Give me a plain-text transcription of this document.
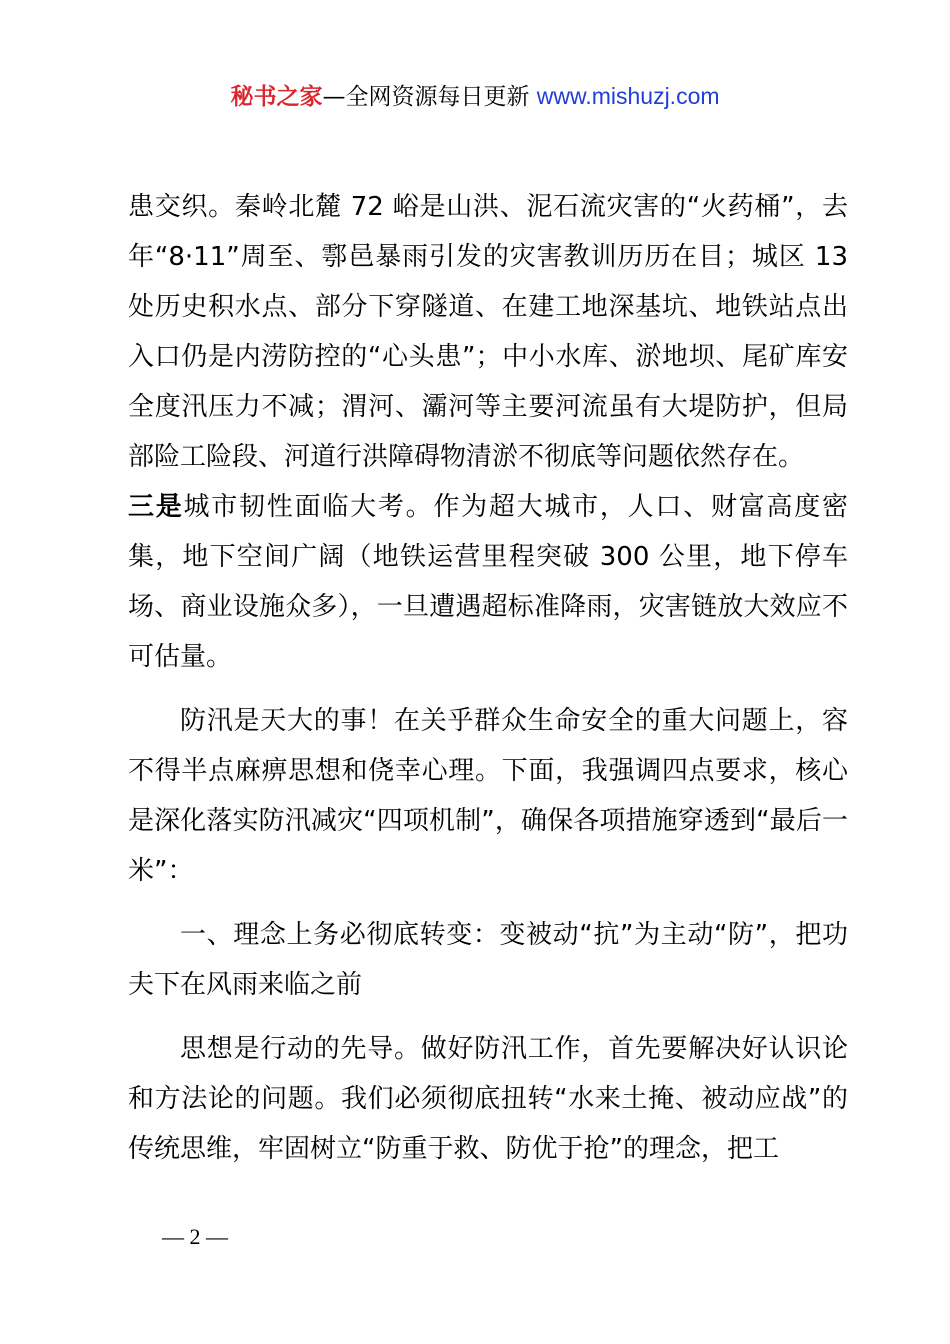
秘书之家—全网资源每日更新 www.mishuzj.com

患交织。秦岭北麓 72 峪是山洪、泥石流灾害的“火药桶”，去年“8·11”周至、鄠邑暴雨引发的灾害教训历历在目；城区 13 处历史积水点、部分下穿隧道、在建工地深基坑、地铁站点出入口仍是内涝防控的“心头患”；中小水库、淤地坝、尾矿库安全度汛压力不减；渭河、灞河等主要河流虽有大堤防护，但局部险工险段、河道行洪障碍物清淤不彻底等问题依然存在。

三是城市韧性面临大考。作为超大城市，人口、财富高度密集，地下空间广阔（地铁运营里程突破 300 公里，地下停车场、商业设施众多），一旦遭遇超标准降雨，灾害链放大效应不可估量。

防汛是天大的事！在关乎群众生命安全的重大问题上，容不得半点麻痹思想和侥幸心理。下面，我强调四点要求，核心是深化落实防汛减灾“四项机制”，确保各项措施穿透到“最后一米”：

一、理念上务必彻底转变：变被动“抗”为主动“防”，把功夫下在风雨来临之前

思想是行动的先导。做好防汛工作，首先要解决好认识论和方法论的问题。我们必须彻底扭转“水来土掩、被动应战”的传统思维，牢固树立“防重于救、防优于抢”的理念，把工

— 2 —
